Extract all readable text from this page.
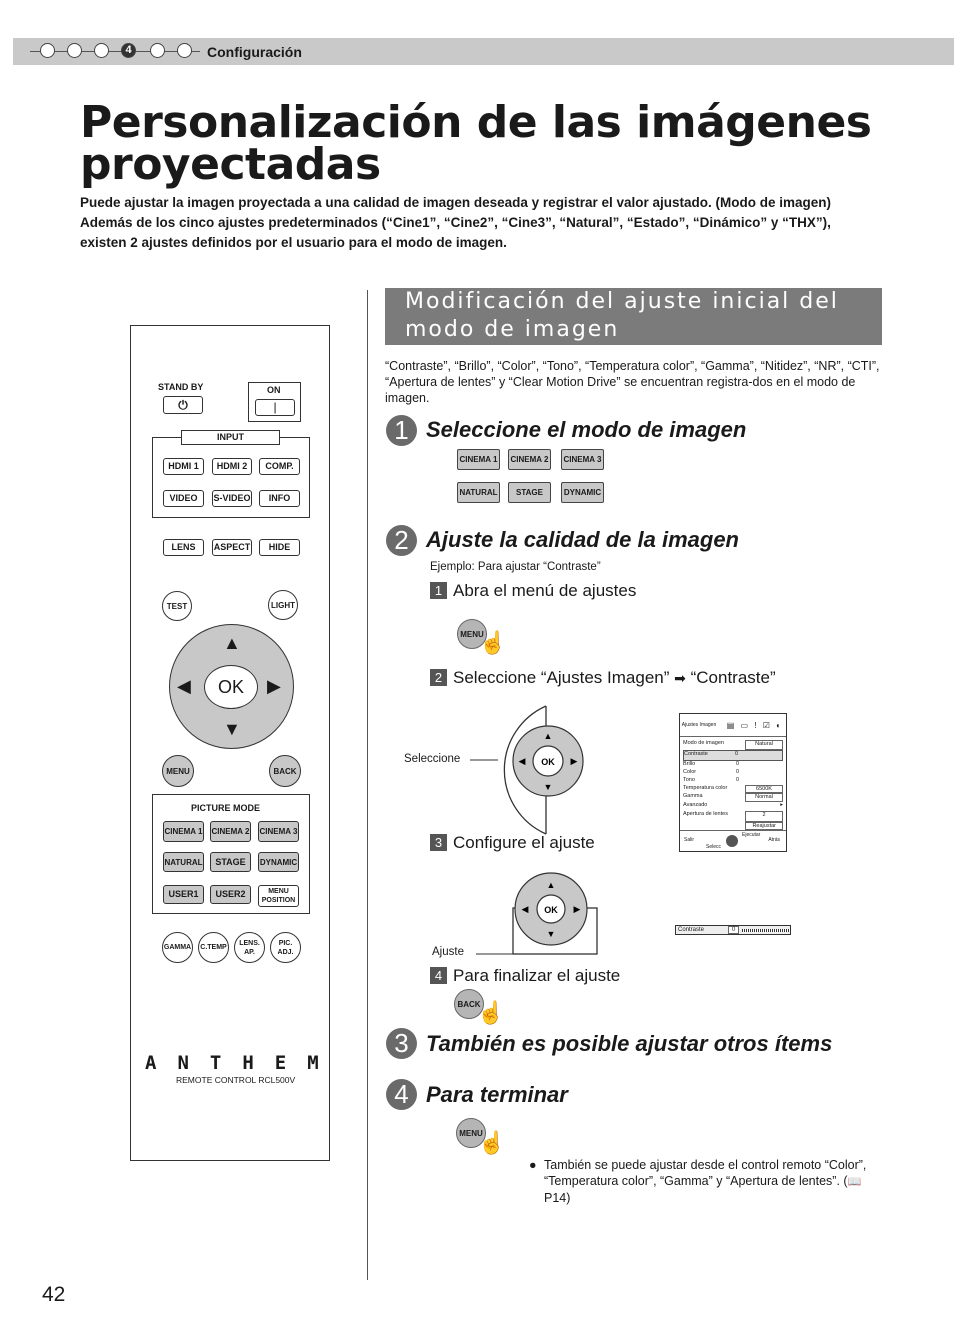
4	Configuración
Personalización de las imágenes proyectadas
Puede ajustar la imagen proyectada a una calidad de imagen deseada y registrar el valor ajustado. (Modo de imagen) Además de los cinco ajustes predeterminados (“Cine1”, “Cine2”, “Cine3”, “Natural”, “Estado”, “Dinámico” y “THX”), existen 2 ajustes definidos por el usuario para el modo de imagen.
STAND BY
⏻
ON
|
INPUT
HDMI 1	HDMI 2	COMP.
VIDEO	S-VIDEO	INFO
LENS	ASPECT	HIDE
TEST	LIGHT
▲
▼
◀	▶
OK
MENU	BACK
PICTURE MODE
CINEMA 1 CINEMA 2 CINEMA 3
NATURAL	STAGE	DYNAMIC
USER1	USER2	MENU POSITION
GAMMA	C.TEMP
LENS. AP.
PIC. ADJ.
ANTHEM
REMOTE CONTROL RCL500V
Modificación del ajuste inicial del modo de imagen
“Contraste”, “Brillo”, “Color”, “Tono”, “Temperatura color”, “Gamma”, “Nitidez”, “NR”, “CTI”, “Apertura de lentes” y “Clear Motion Drive” se encuentran registra-dos en el modo de imagen.
1 Seleccione el modo de imagen
CINEMA 1	CINEMA 2	CINEMA 3
NATURAL	STAGE	DYNAMIC
2 Ajuste la calidad de la imagen
Ejemplo: Para ajustar “Contraste”
1 Abra el menú de ajustes
MENU
☝
2 Seleccione “Ajustes Imagen” ➡ “Contraste”
OK
▲
▼
◀	▶
Seleccione
Ajustes Imagen	▤ ▭ ǃ ☑ ◐
Modo de imagen	Natural
Contraste	0
Brillo	0
Color	0
Tono	0
Temperatura color	6500K
Gamma	Normal
Avanzado	▸
Apertura de lentes	2
Reajustar
Salir
Ejecutar
Selecc
Atrás
3 Configure el ajuste
OK
▲
▼
◀	▶
Ajuste
Contraste	0
4 Para finalizar el ajuste
BACK
☝
3 También es posible ajustar otros ítems
4 Para terminar
MENU
☝
● También se puede ajustar desde el control remoto “Color”, “Temperatura color”, “Gamma” y “Apertura de lentes”. (📖P14)
42
